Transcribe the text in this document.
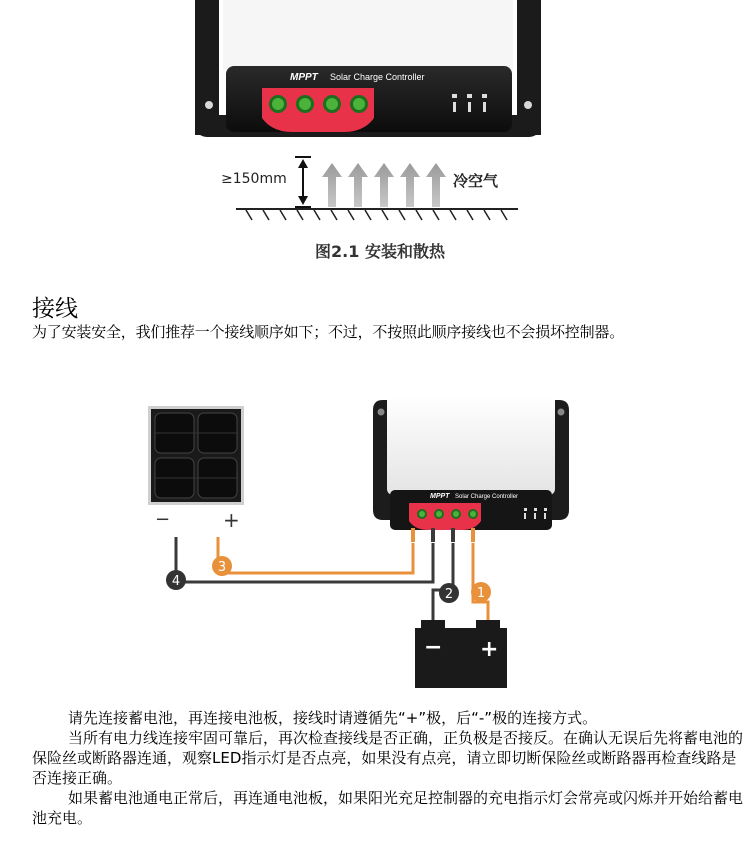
MPPT Solar Charge Controller
≥150mm	冷空气
图2.1 安装和散热
接线
为了安装安全，我们推荐一个接线顺序如下；不过，不按照此顺序接线也不会损坏控制器。
−	+
MPPT Solar Charge Controller
− +
1
2
3
4

请先连接蓄电池，再连接电池板，接线时请遵循先“+”极，后“-”极的连接方式。

当所有电力线连接牢固可靠后，再次检查接线是否正确，正负极是否接反。在确认无误后先将蓄电池的保险丝或断路器连通，观察LED指示灯是否点亮，如果没有点亮，请立即切断保险丝或断路器再检查线路是否连接正确。

如果蓄电池通电正常后，再连通电池板，如果阳光充足控制器的充电指示灯会常亮或闪烁并开始给蓄电池充电。
